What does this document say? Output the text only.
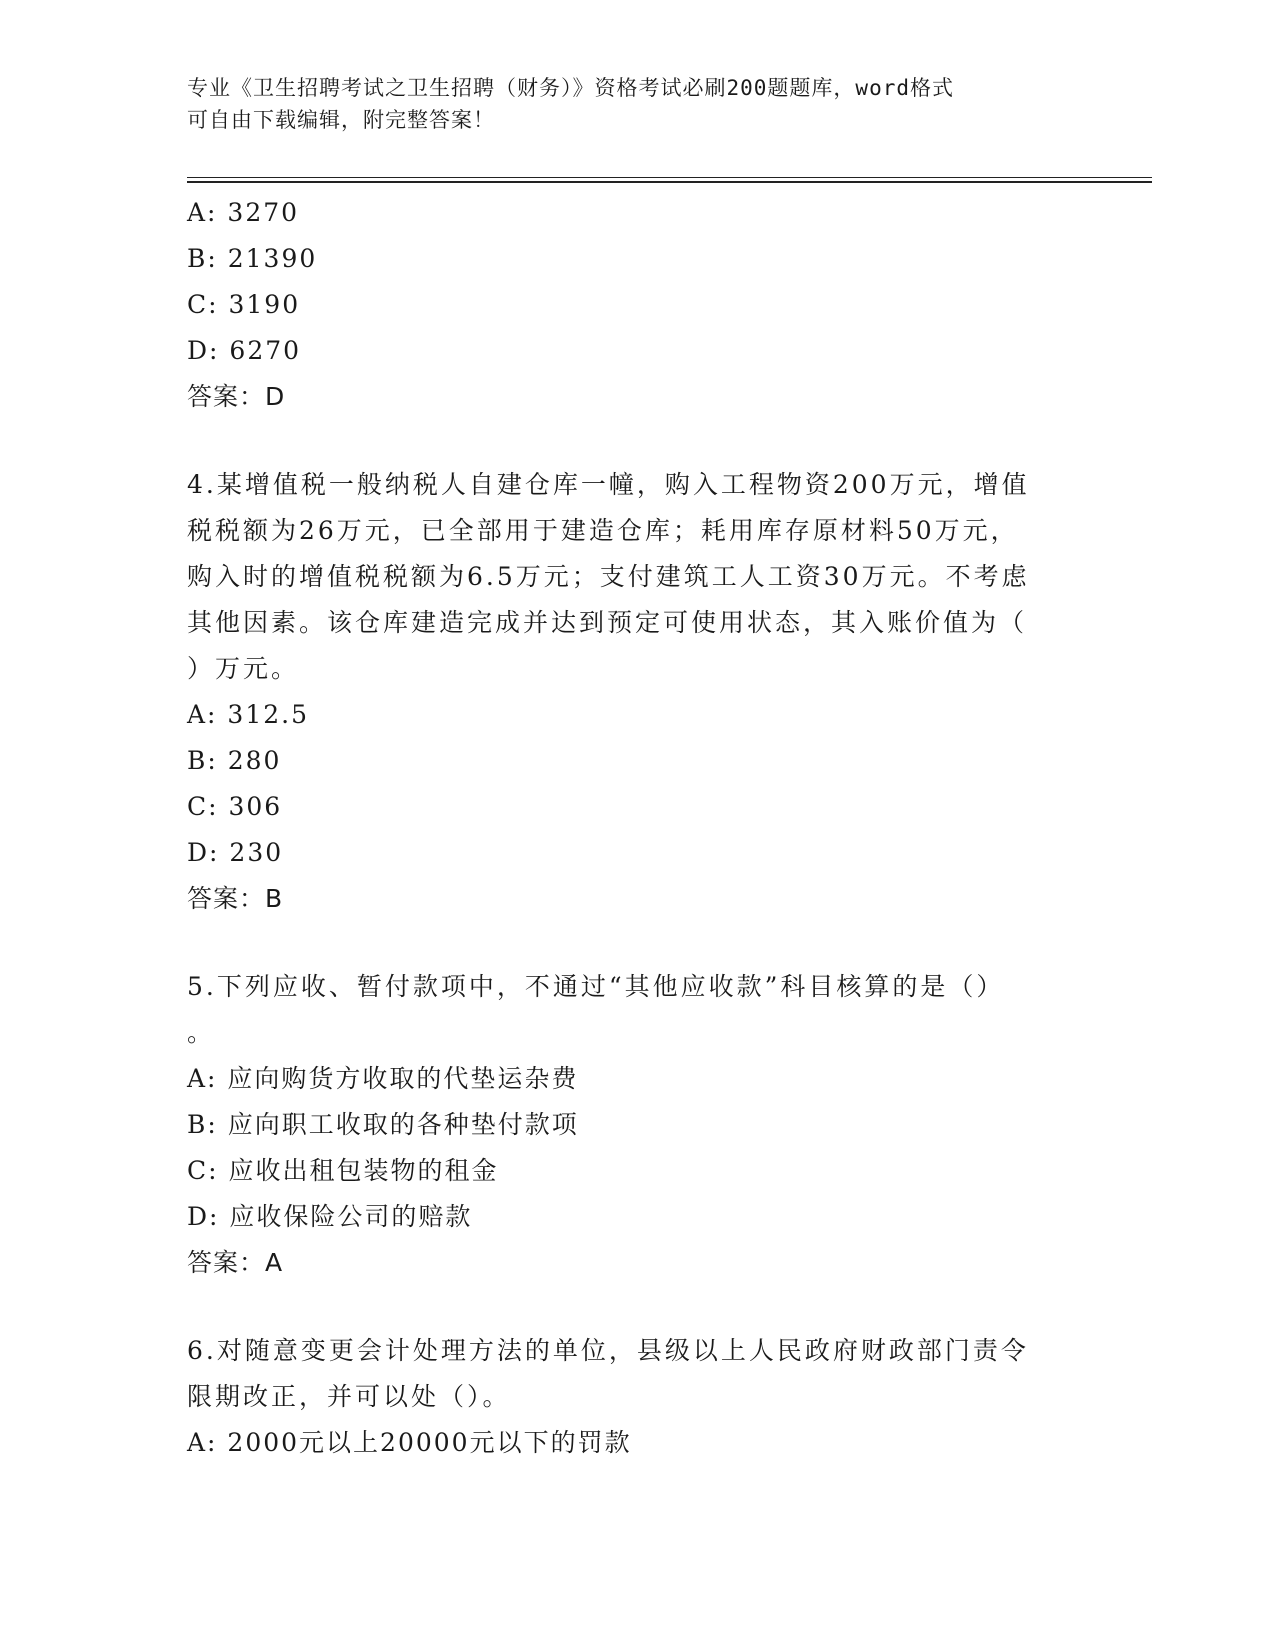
专业《卫生招聘考试之卫生招聘（财务）》资格考试必刷200题题库，word格式
可自由下载编辑，附完整答案！
A: 3270
B: 21390
C: 3190
D: 6270
答案：D
4.某增值税一般纳税人自建仓库一幢，购入工程物资200万元，增值
税税额为26万元，已全部用于建造仓库；耗用库存原材料50万元，
购入时的增值税税额为6.5万元；支付建筑工人工资30万元。不考虑
其他因素。该仓库建造完成并达到预定可使用状态，其入账价值为（
）万元。
A: 312.5
B: 280
C: 306
D: 230
答案：B
5.下列应收、暂付款项中，不通过“其他应收款”科目核算的是（）
。
A: 应向购货方收取的代垫运杂费
B: 应向职工收取的各种垫付款项
C: 应收出租包装物的租金
D: 应收保险公司的赔款
答案：A
6.对随意变更会计处理方法的单位，县级以上人民政府财政部门责令
限期改正，并可以处（）。
A: 2000元以上20000元以下的罚款
